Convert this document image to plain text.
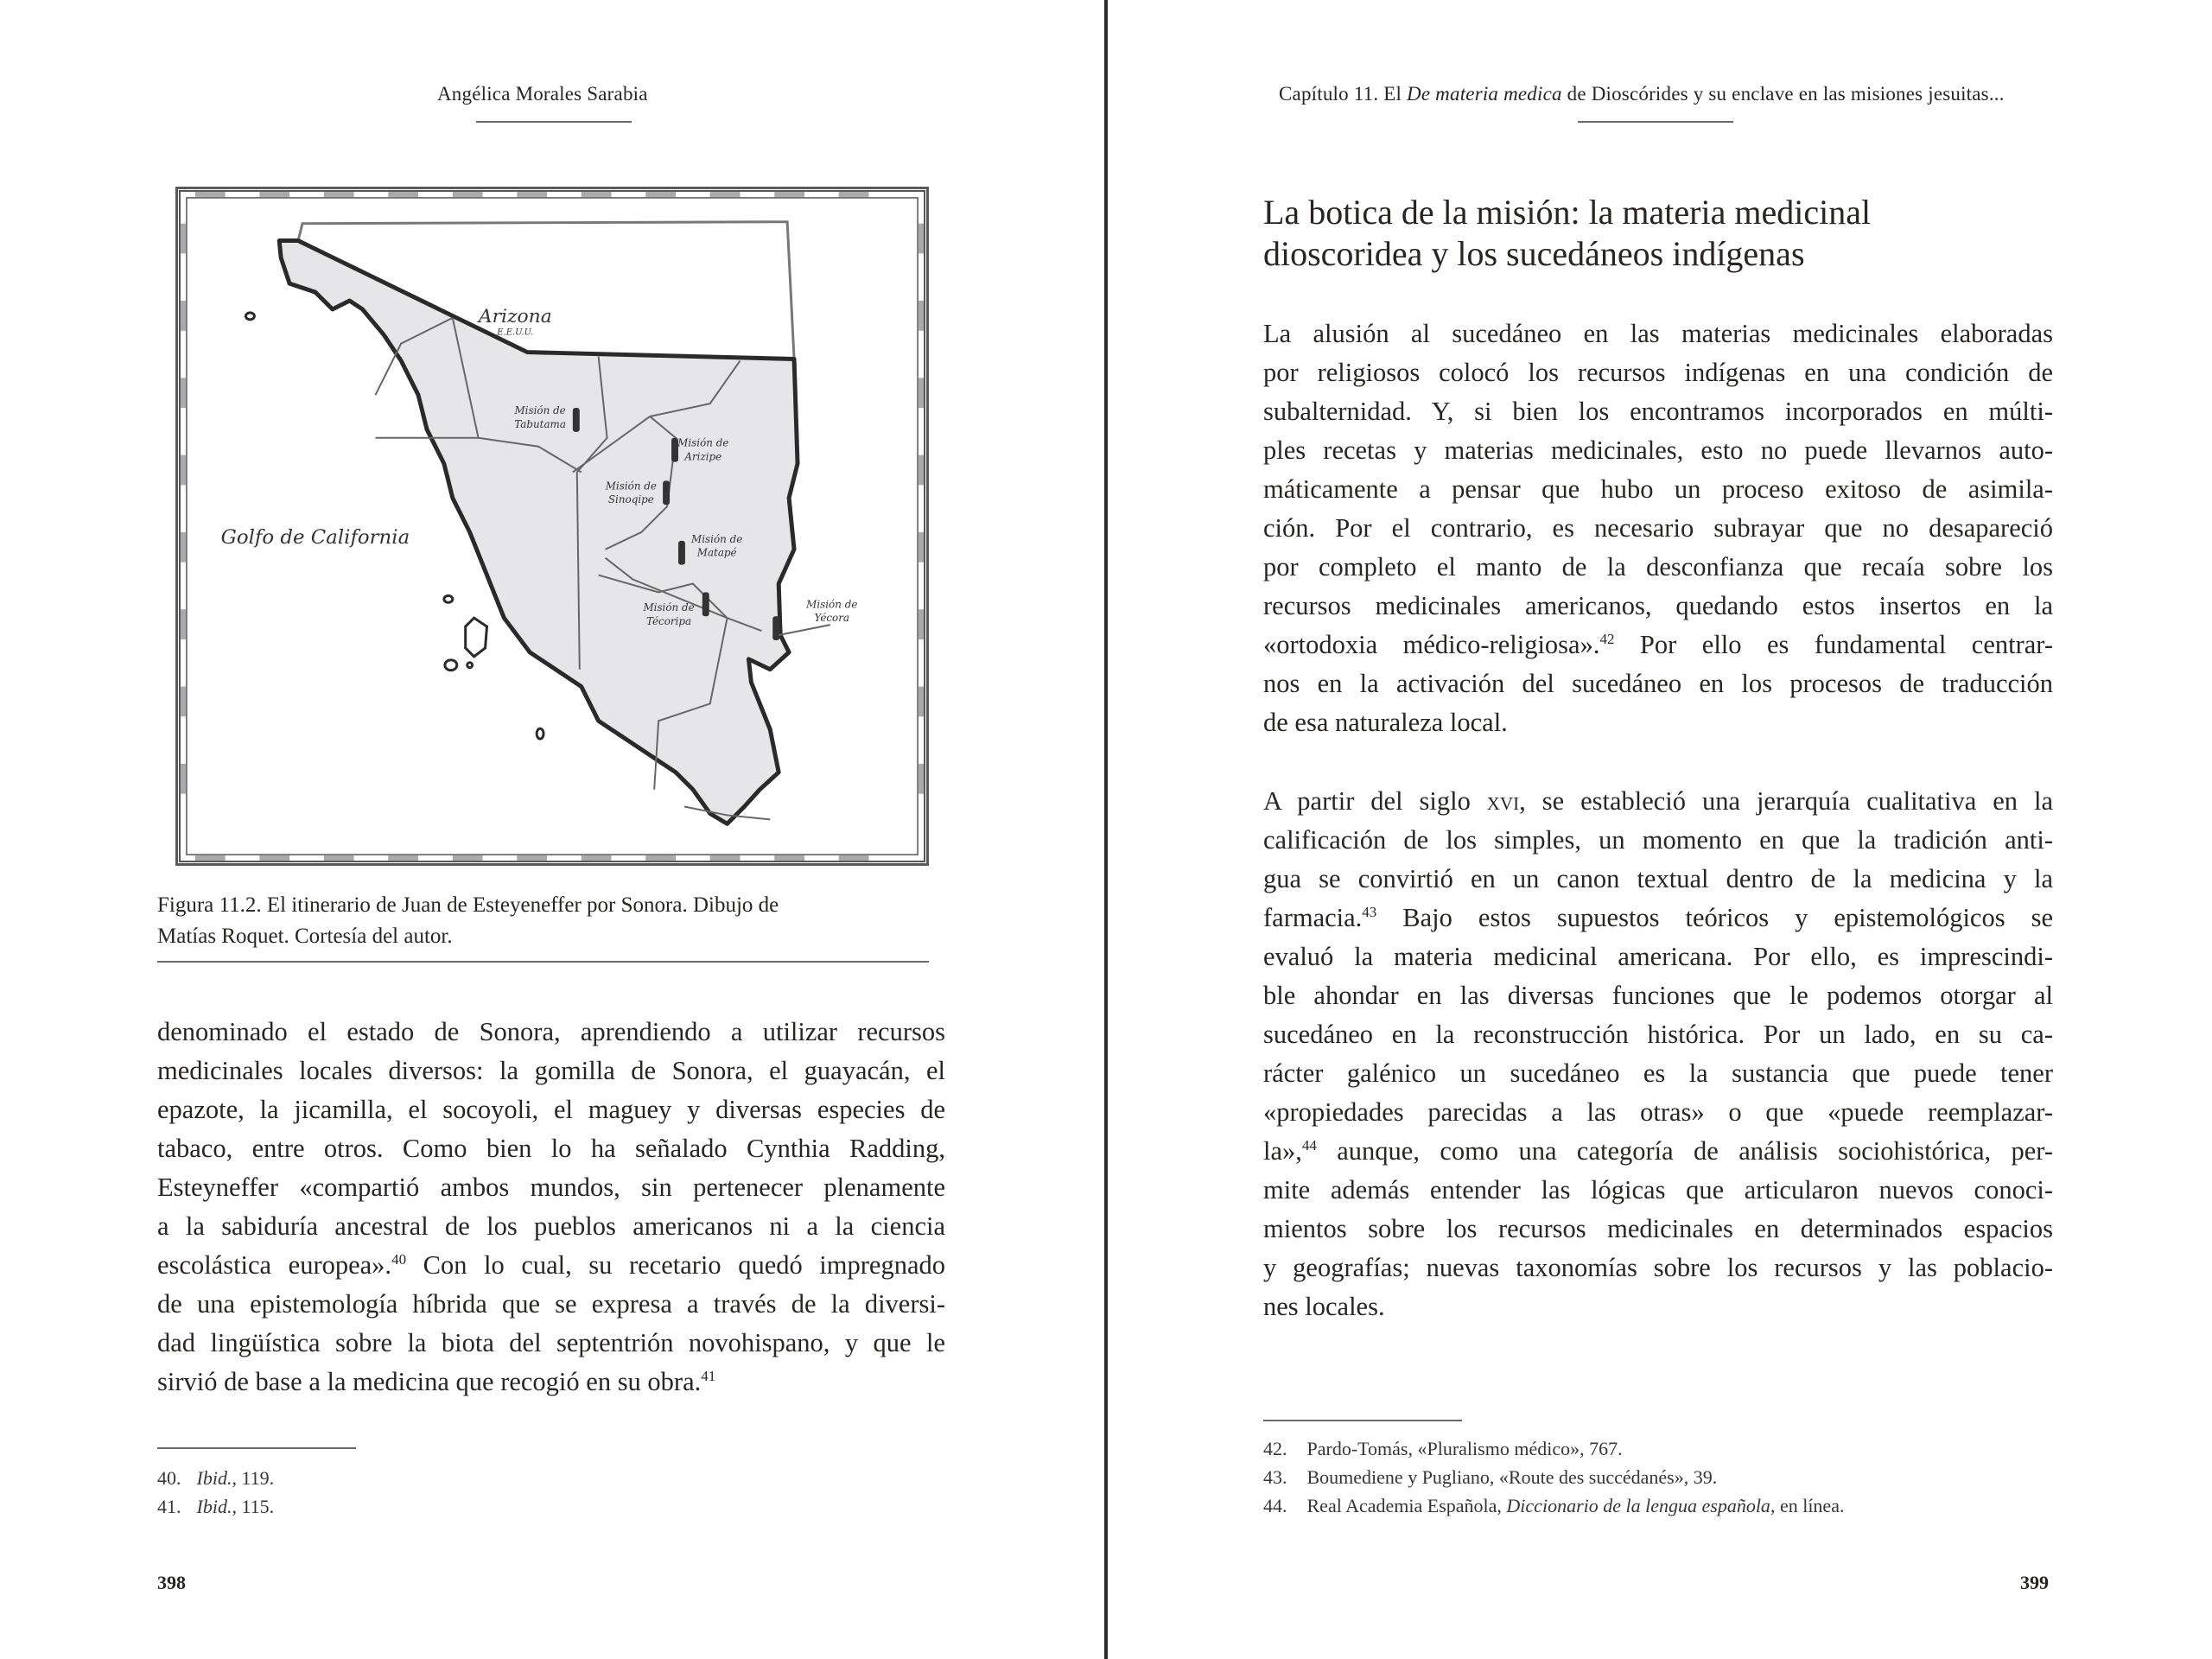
Angélica Morales Sarabia
Arizona
E.E.U.U.
Golfo de California
Misión de
Tabutama
Misión de
Arizipe
Misión de
Sinoqipe
Misión de
Matapé
Misión de
Técoripa
Misión de
Yécora
Figura 11.2. El itinerario de Juan de Esteyeneffer por Sonora. Dibujo de
Matías Roquet. Cortesía del autor.
denominado el estado de Sonora, aprendiendo a utilizar recursos
medicinales locales diversos: la gomilla de Sonora, el guayacán, el
epazote, la jicamilla, el socoyoli, el maguey y diversas especies de
tabaco, entre otros. Como bien lo ha señalado Cynthia Radding,
Esteyneffer «compartió ambos mundos, sin pertenecer plenamente
a la sabiduría ancestral de los pueblos americanos ni a la ciencia
escolástica europea».$^{40}$ Con lo cual, su recetario quedó impregnado
de una epistemología híbrida que se expresa a través de la diversi-
dad lingüística sobre la biota del septentrión novohispano, y que le
sirvió de base a la medicina que recogió en su obra.$^{41}$
40. Ibid., 119.
41. Ibid., 115.
398
Capítulo 11. El De materia medica de Dioscórides y su enclave en las misiones jesuitas...
La botica de la misión: la materia medicinal
dioscoridea y los sucedáneos indígenas
La alusión al sucedáneo en las materias medicinales elaboradas
por religiosos colocó los recursos indígenas en una condición de
subalternidad. Y, si bien los encontramos incorporados en múlti-
ples recetas y materias medicinales, esto no puede llevarnos auto-
máticamente a pensar que hubo un proceso exitoso de asimila-
ción. Por el contrario, es necesario subrayar que no desapareció
por completo el manto de la desconfianza que recaía sobre los
recursos medicinales americanos, quedando estos insertos en la
«ortodoxia médico-religiosa».$^{42}$ Por ello es fundamental centrar-
nos en la activación del sucedáneo en los procesos de traducción
de esa naturaleza local.
A partir del siglo xvi, se estableció una jerarquía cualitativa en la
calificación de los simples, un momento en que la tradición anti-
gua se convirtió en un canon textual dentro de la medicina y la
farmacia.$^{43}$ Bajo estos supuestos teóricos y epistemológicos se
evaluó la materia medicinal americana. Por ello, es imprescindi-
ble ahondar en las diversas funciones que le podemos otorgar al
sucedáneo en la reconstrucción histórica. Por un lado, en su ca-
rácter galénico un sucedáneo es la sustancia que puede tener
«propiedades parecidas a las otras» o que «puede reemplazar-
la»,$^{44}$ aunque, como una categoría de análisis sociohistórica, per-
mite además entender las lógicas que articularon nuevos conoci-
mientos sobre los recursos medicinales en determinados espacios
y geografías; nuevas taxonomías sobre los recursos y las poblacio-
nes locales.
42. Pardo-Tomás, «Pluralismo médico», 767.
43. Boumediene y Pugliano, «Route des succédanés», 39.
44. Real Academia Española, Diccionario de la lengua española, en línea.
399
